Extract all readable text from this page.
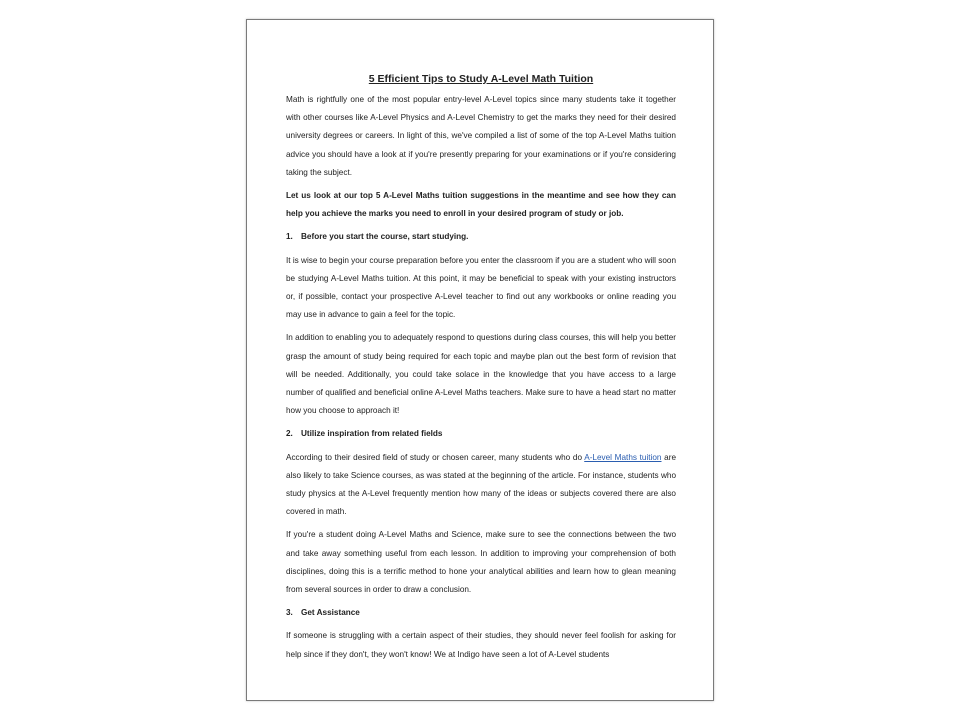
5 Efficient Tips to Study A-Level Math Tuition
Math is rightfully one of the most popular entry-level A-Level topics since many students take it together with other courses like A-Level Physics and A-Level Chemistry to get the marks they need for their desired university degrees or careers. In light of this, we've compiled a list of some of the top A-Level Maths tuition advice you should have a look at if you're presently preparing for your examinations or if you're considering taking the subject.
Let us look at our top 5 A-Level Maths tuition suggestions in the meantime and see how they can help you achieve the marks you need to enroll in your desired program of study or job.
1. Before you start the course, start studying.
It is wise to begin your course preparation before you enter the classroom if you are a student who will soon be studying A-Level Maths tuition. At this point, it may be beneficial to speak with your existing instructors or, if possible, contact your prospective A-Level teacher to find out any workbooks or online reading you may use in advance to gain a feel for the topic.
In addition to enabling you to adequately respond to questions during class courses, this will help you better grasp the amount of study being required for each topic and maybe plan out the best form of revision that will be needed. Additionally, you could take solace in the knowledge that you have access to a large number of qualified and beneficial online A-Level Maths teachers. Make sure to have a head start no matter how you choose to approach it!
2. Utilize inspiration from related fields
According to their desired field of study or chosen career, many students who do A-Level Maths tuition are also likely to take Science courses, as was stated at the beginning of the article. For instance, students who study physics at the A-Level frequently mention how many of the ideas or subjects covered there are also covered in math.
If you're a student doing A-Level Maths and Science, make sure to see the connections between the two and take away something useful from each lesson. In addition to improving your comprehension of both disciplines, doing this is a terrific method to hone your analytical abilities and learn how to glean meaning from several sources in order to draw a conclusion.
3. Get Assistance
If someone is struggling with a certain aspect of their studies, they should never feel foolish for asking for help since if they don't, they won't know! We at Indigo have seen a lot of A-Level students
